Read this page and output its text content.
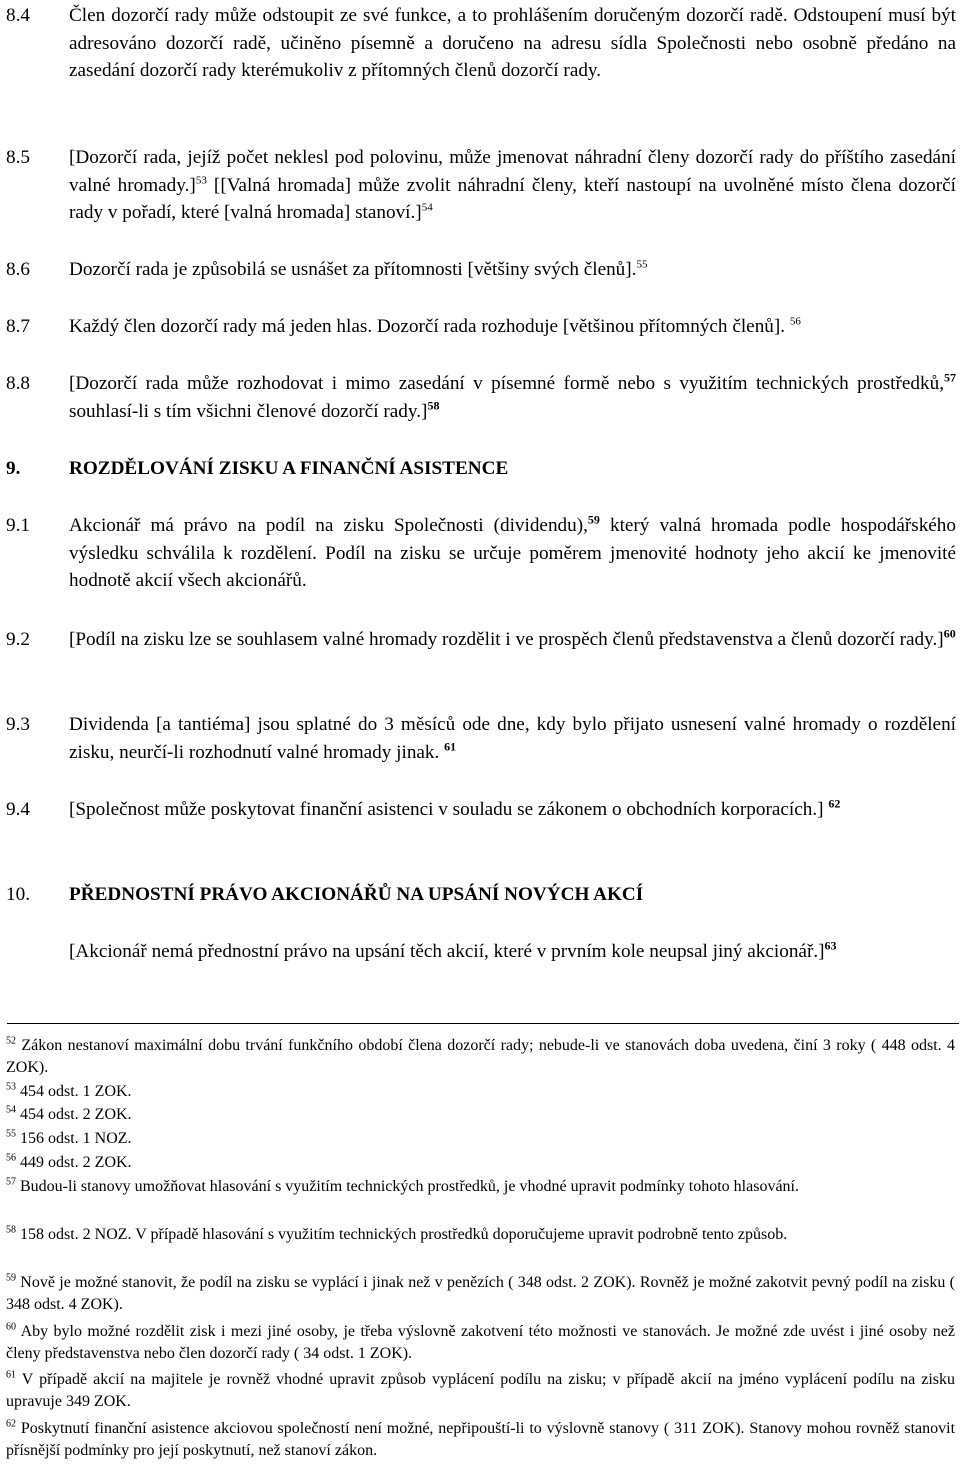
8.4 Člen dozorčí rady může odstoupit ze své funkce, a to prohlášením doručeným dozorčí radě. Odstoupení musí být adresováno dozorčí radě, učiněno písemně a doručeno na adresu sídla Společnosti nebo osobně předáno na zasedání dozorčí rady kterémukoliv z přítomných členů dozorčí rady.
8.5 [Dozorčí rada, jejíž počet neklesl pod polovinu, může jmenovat náhradní členy dozorčí rady do příštího zasedání valné hromady.]$^{53}$ [[Valná hromada] může zvolit náhradní členy, kteří nastoupí na uvolněné místo člena dozorčí rady v pořadí, které [valná hromada] stanoví.]$^{54}$
8.6 Dozorčí rada je způsobilá se usnášet za přítomnosti [většiny svých členů].$^{55}$
8.7 Každý člen dozorčí rady má jeden hlas. Dozorčí rada rozhoduje [většinou přítomných členů]. $^{56}$
8.8 [Dozorčí rada může rozhodovat i mimo zasedání v písemné formě nebo s využitím technických prostředků,$^{57}$ souhlasí-li s tím všichni členové dozorčí rady.]$^{58}$
9.	ROZDĚLOVÁNÍ ZISKU A FINANČNÍ ASISTENCE
9.1 Akcionář má právo na podíl na zisku Společnosti (dividendu),$^{59}$ který valná hromada podle hospodářského výsledku schválila k rozdělení. Podíl na zisku se určuje poměrem jmenovité hodnoty jeho akcií ke jmenovité hodnotě akcií všech akcionářů.
9.2 [Podíl na zisku lze se souhlasem valné hromady rozdělit i ve prospěch členů představenstva a členů dozorčí rady.]$^{60}$
9.3 Dividenda [a tantiéma] jsou splatné do 3 měsíců ode dne, kdy bylo přijato usnesení valné hromady o rozdělení zisku, neurčí-li rozhodnutí valné hromady jinak. $^{61}$
9.4 [Společnost může poskytovat finanční asistenci v souladu se zákonem o obchodních korporacích.] $^{62}$
10. PŘEDNOSTNÍ PRÁVO AKCIONÁŘŮ NA UPSÁNÍ NOVÝCH AKCÍ
[Akcionář nemá přednostní právo na upsání těch akcií, které v prvním kole neupsal jiný akcionář.]$^{63}$
$^{52}$ Zákon nestanoví maximální dobu trvání funkčního období člena dozorčí rady; nebude-li ve stanovách doba uvedena, činí 3 roky ( 448 odst. 4 ZOK).
$^{53}$ 454 odst. 1 ZOK.
$^{54}$ 454 odst. 2 ZOK.
$^{55}$ 156 odst. 1 NOZ.
$^{56}$ 449 odst. 2 ZOK.
$^{57}$ Budou-li stanovy umožňovat hlasování s využitím technických prostředků, je vhodné upravit podmínky tohoto hlasování.
$^{58}$ 158 odst. 2 NOZ. V případě hlasování s využitím technických prostředků doporučujeme upravit podrobně tento způsob.
$^{59}$ Nově je možné stanovit, že podíl na zisku se vyplácí i jinak než v penězích ( 348 odst. 2 ZOK). Rovněž je možné zakotvit pevný podíl na zisku ( 348 odst. 4 ZOK).
$^{60}$ Aby bylo možné rozdělit zisk i mezi jiné osoby, je třeba výslovně zakotvení této možnosti ve stanovách. Je možné zde uvést i jiné osoby než členy představenstva nebo člen dozorčí rady ( 34 odst. 1 ZOK).
$^{61}$ V případě akcií na majitele je rovněž vhodné upravit způsob vyplácení podílu na zisku; v případě akcií na jméno vyplácení podílu na zisku upravuje 349 ZOK.
$^{62}$ Poskytnutí finanční asistence akciovou společností není možné, nepřipouští-li to výslovně stanovy ( 311 ZOK). Stanovy mohou rovněž stanovit přísnější podmínky pro její poskytnutí, než stanoví zákon.
